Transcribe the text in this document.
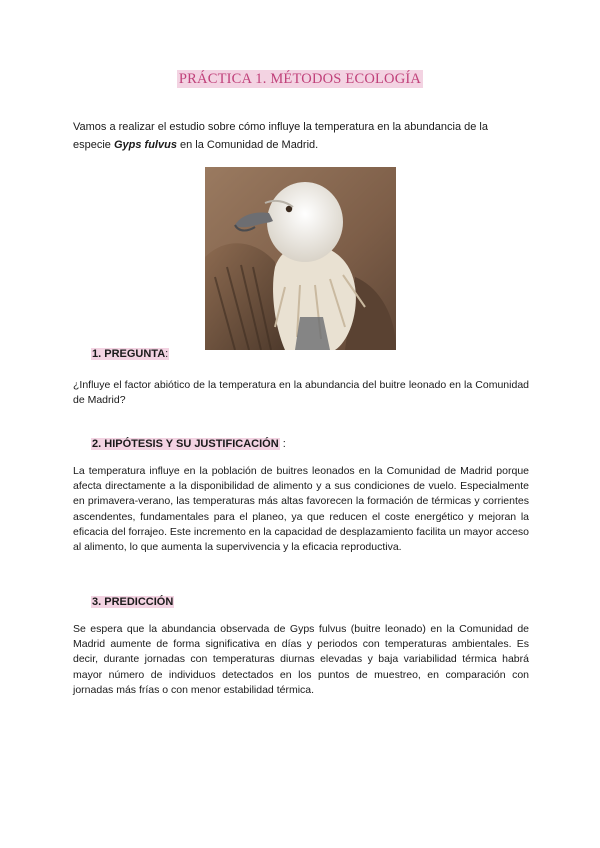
PRÁCTICA 1. MÉTODOS ECOLOGÍA
Vamos a realizar el estudio sobre cómo influye la temperatura en la abundancia de la
especie Gyps fulvus en la Comunidad de Madrid.
1. PREGUNTA:
¿Influye el factor abiótico de la temperatura en la abundancia del buitre leonado en la Comunidad de Madrid?
2. HIPÓTESIS Y SU JUSTIFICACIÓN :
La temperatura influye en la población de buitres leonados en la Comunidad de Madrid porque afecta directamente a la disponibilidad de alimento y a sus condiciones de vuelo. Especialmente en primavera-verano, las temperaturas más altas favorecen la formación de térmicas y corrientes ascendentes, fundamentales para el planeo, ya que reducen el coste energético y mejoran la eficacia del forrajeo. Este incremento en la capacidad de desplazamiento facilita un mayor acceso al alimento, lo que aumenta la supervivencia y la eficacia reproductiva.
3. PREDICCIÓN
Se espera que la abundancia observada de Gyps fulvus (buitre leonado) en la Comunidad de Madrid aumente de forma significativa en días y periodos con temperaturas ambientales. Es decir, durante jornadas con temperaturas diurnas elevadas y baja variabilidad térmica habrá mayor número de individuos detectados en los puntos de muestreo, en comparación con jornadas más frías o con menor estabilidad térmica.
